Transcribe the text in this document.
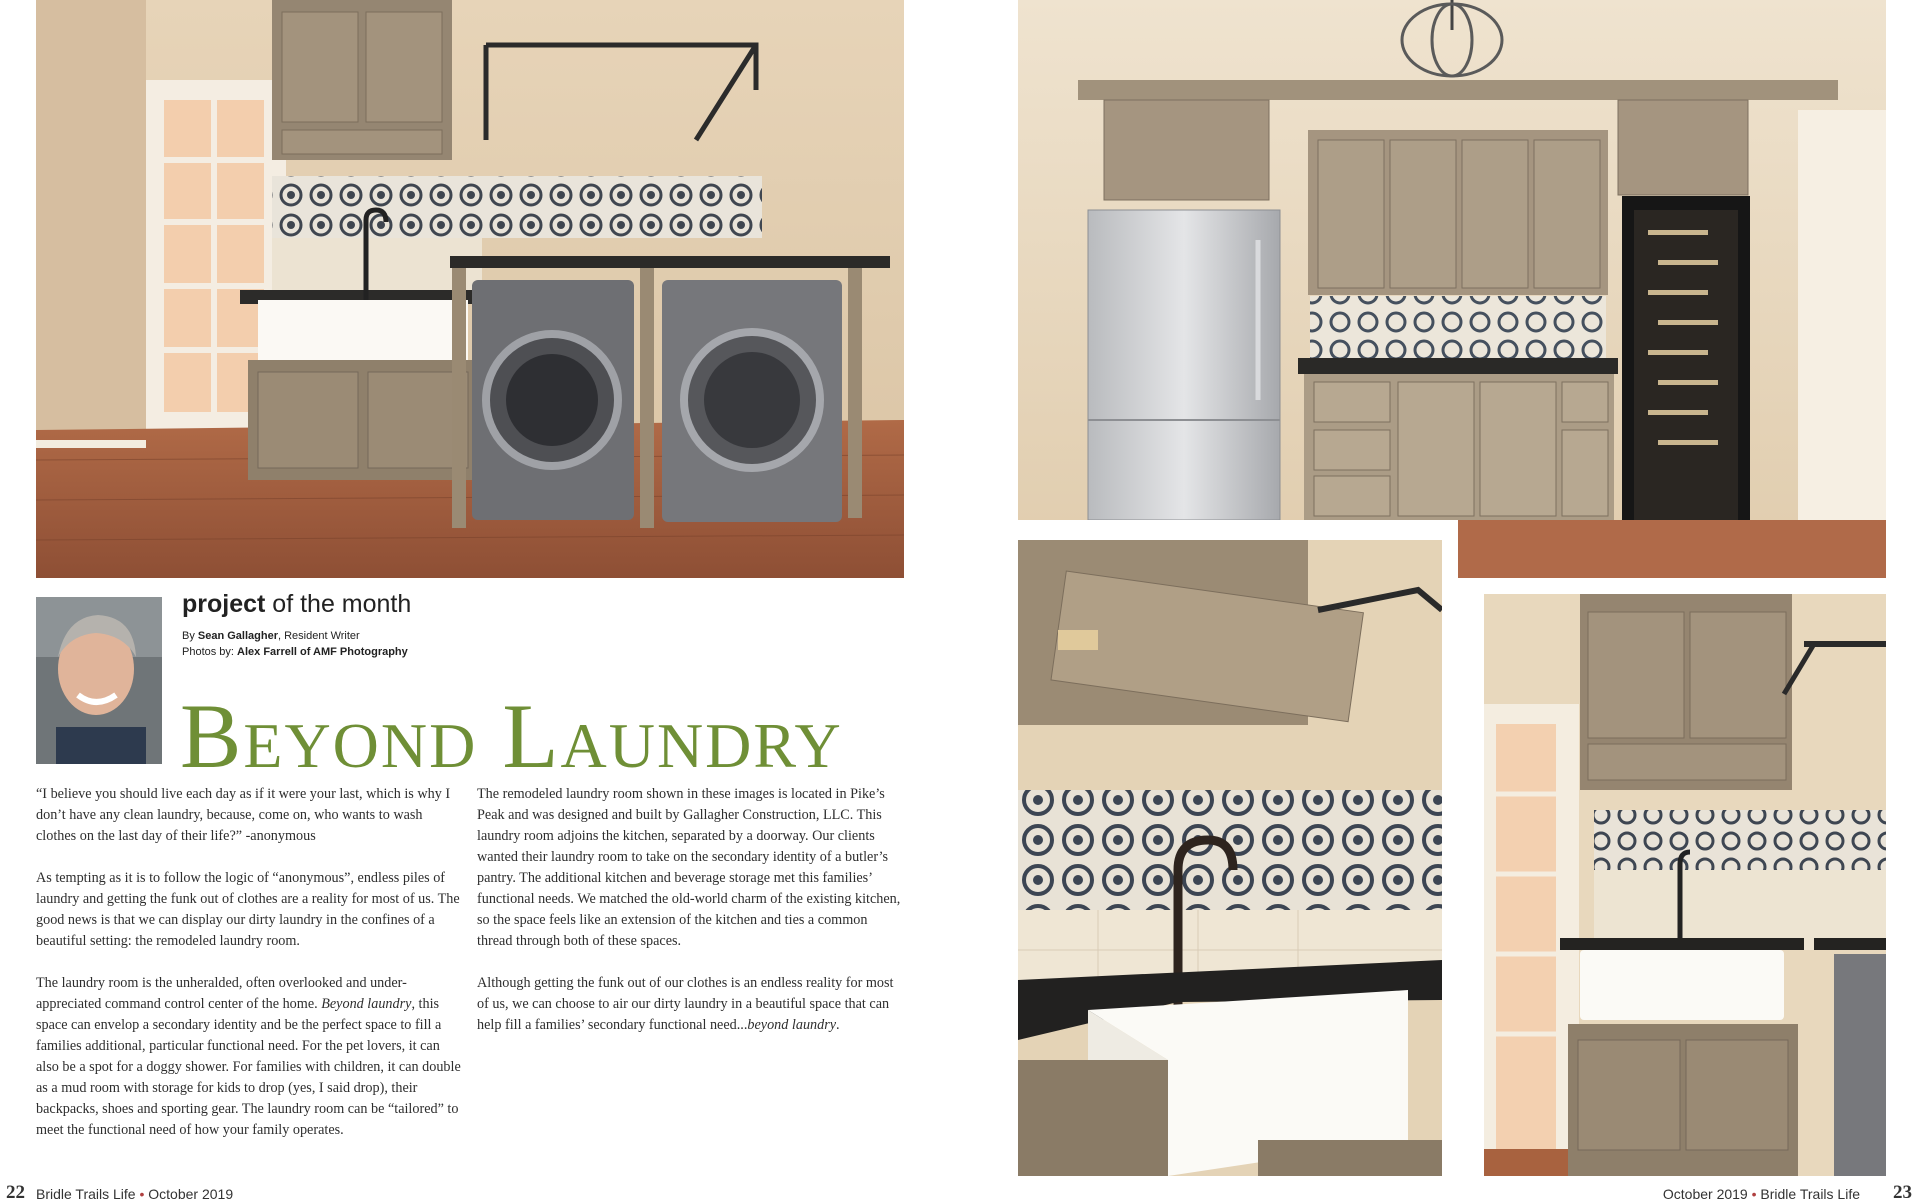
project of the month
By Sean Gallagher, Resident Writer
Photos by: Alex Farrell of AMF Photography
Beyond Laundry

“I believe you should live each day as if it were your last, which is why I don’t have any clean laundry, because, come on, who wants to wash clothes on the last day of their life?” -anonymous

As tempting as it is to follow the logic of “anonymous”, endless piles of laundry and getting the funk out of clothes are a reality for most of us. The good news is that we can display our dirty laundry in the confines of a beautiful setting: the remodeled laundry room.

The laundry room is the unheralded, often overlooked and under-appreciated command control center of the home. Beyond laundry, this space can envelop a secondary identity and be the perfect space to fill a families additional, particular functional need. For the pet lovers, it can also be a spot for a doggy shower. For families with children, it can double as a mud room with storage for kids to drop (yes, I said drop), their backpacks, shoes and sporting gear. The laundry room can be “tailored” to meet the functional need of how your family operates.

The remodeled laundry room shown in these images is located in Pike’s Peak and was designed and built by Gallagher Construction, LLC. This laundry room adjoins the kitchen, separated by a doorway. Our clients wanted their laundry room to take on the secondary identity of a butler’s pantry. The additional kitchen and beverage storage met this families’ functional needs. We matched the old-world charm of the existing kitchen, so the space feels like an extension of the kitchen and ties a common thread through both of these spaces.

Although getting the funk out of our clothes is an endless reality for most of us, we can choose to air our dirty laundry in a beautiful space that can help fill a families’ secondary functional need...beyond laundry.

22 Bridle Trails Life • October 2019	October 2019 • Bridle Trails Life 23
